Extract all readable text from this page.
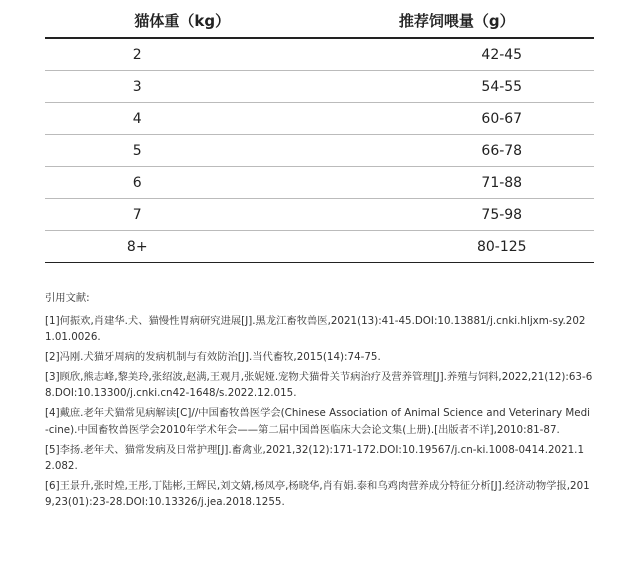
猫体重（kg）	推荐饲喂量（g）
2	42-45
3	54-55
4	60-67
5	66-78
6	71-88
7	75-98
8+	80-125
引用文献:
[1]何振欢,肖建华.犬、猫慢性胃病研究进展[J].黑龙江畜牧兽医,2021(13):41-45.DOI:10.13881/j.cnki.hljxm-sy.2021.01.0026.
[2]冯刚.犬猫牙周病的发病机制与有效防治[J].当代畜牧,2015(14):74-75.
[3]顾欣,熊志峰,黎美玲,张绍波,赵满,王观月,张妮娅.宠物犬猫骨关节病治疗及营养管理[J].养殖与饲料,2022,21(12):63-68.DOI:10.13300/j.cnki.cn42-1648/s.2022.12.015.
[4]戴庶.老年犬猫常见病解读[C]//中国畜牧兽医学会(Chinese Association of Animal Science and Veterinary Medi-cine).中国畜牧兽医学会2010年学术年会——第二届中国兽医临床大会论文集(上册).[出版者不详],2010:81-87.
[5]李扬.老年犬、猫常发病及日常护理[J].畜禽业,2021,32(12):171-172.DOI:10.19567/j.cn-ki.1008-0414.2021.12.082.
[6]王景升,张时煌,王彤,丁陆彬,王辉民,刘文婧,杨凤亭,杨晓华,肖有娟.泰和乌鸡肉营养成分特征分析[J].经济动物学报,2019,23(01):23-28.DOI:10.13326/j.jea.2018.1255.
